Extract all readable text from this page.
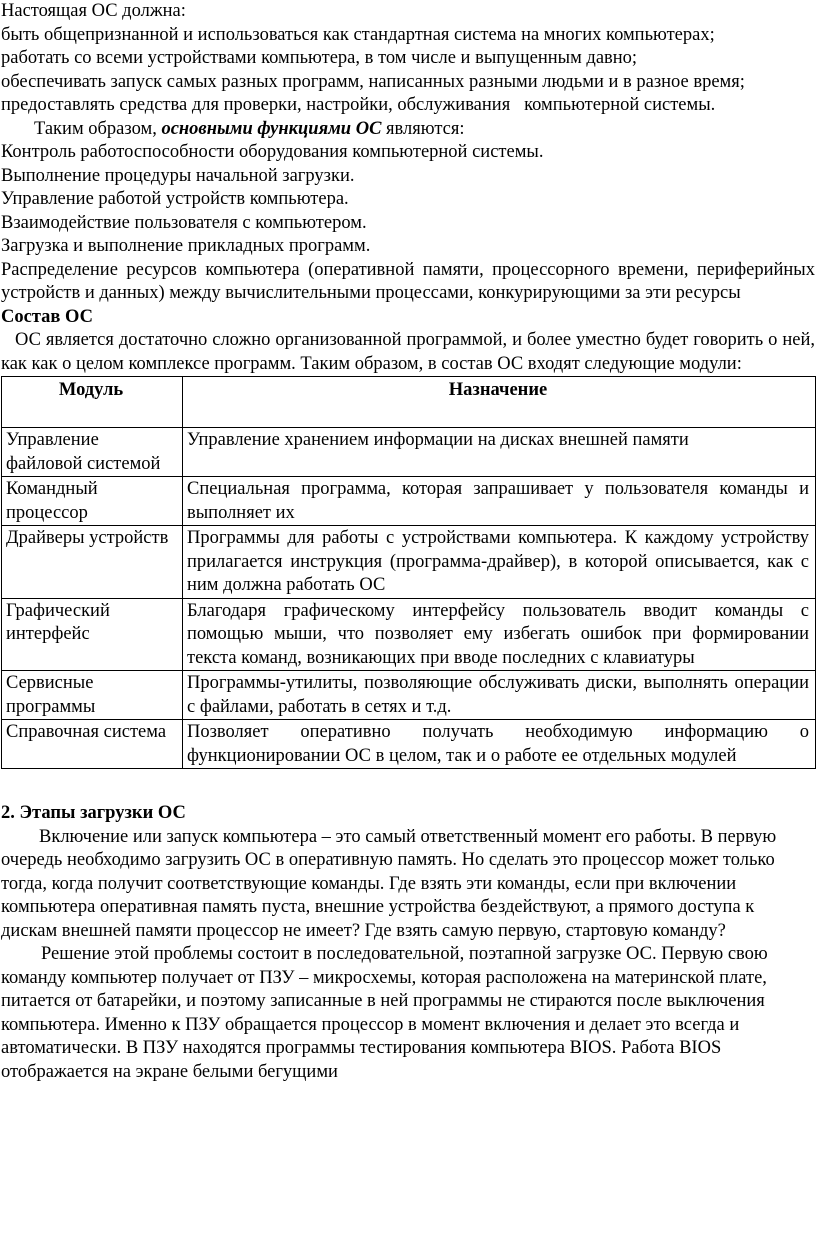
Настоящая ОС должна:

быть общепризнанной и использоваться как стандартная система на многих компьютерах;

работать со всеми устройствами компьютера, в том числе и выпущенным давно;

обеспечивать запуск самых разных программ, написанных разными людьми и в разное время;

предоставлять средства для проверки, настройки, обслуживания   компьютерной системы.

Таким образом, основными функциями ОС являются:

Контроль работоспособности оборудования компьютерной системы.

Выполнение процедуры начальной загрузки.

Управление работой устройств компьютера.

Взаимодействие пользователя с компьютером.

Загрузка и выполнение прикладных программ.

Распределение ресурсов компьютера (оперативной памяти, процессорного времени, периферийных устройств и данных) между вычислительными процессами, конкурирующими за эти ресурсы

Состав ОС

ОС является достаточно сложно организованной программой, и более уместно будет говорить о ней, как как о целом комплексе программ. Таким образом, в состав ОС входят следующие модули:

Модуль	Назначение
Управление файловой системой	Управление хранением информации на дисках внешней памяти
Командный процессор	Специальная программа, которая запрашивает у пользователя команды и выполняет их
Драйверы устройств	Программы для работы с устройствами компьютера. К каждому устройству прилагается инструкция (программа-драйвер), в которой описывается, как с ним должна работать ОС
Графический интерфейс	Благодаря графическому интерфейсу пользователь вводит команды с помощью мыши, что позволяет ему избегать ошибок при формировании текста команд, возникающих при вводе последних с клавиатуры
Сервисные программы	Программы-утилиты, позволяющие обслуживать диски, выполнять операции с файлами, работать в сетях и т.д.
Справочная система	Позволяет оперативно получать необходимую информацию о функционировании ОС в целом, так и о работе ее отдельных модулей

2. Этапы загрузки ОС

Включение или запуск компьютера – это самый ответственный момент его работы. В первую очередь необходимо загрузить ОС в оперативную память. Но сделать это процессор может только тогда, когда получит соответствующие команды. Где взять эти команды, если при включении компьютера оперативная память пуста, внешние устройства бездействуют, а прямого доступа к дискам внешней памяти процессор не имеет? Где взять самую первую, стартовую команду?

Решение этой проблемы состоит в последовательной, поэтапной загрузке ОС. Первую свою команду компьютер получает от ПЗУ – микросхемы, которая расположена на материнской плате, питается от батарейки, и поэтому записанные в ней программы не стираются после выключения компьютера. Именно к ПЗУ обращается процессор в момент включения и делает это всегда и автоматически. В ПЗУ находятся программы тестирования компьютера BIOS. Работа BIOS отображается на экране белыми бегущими
